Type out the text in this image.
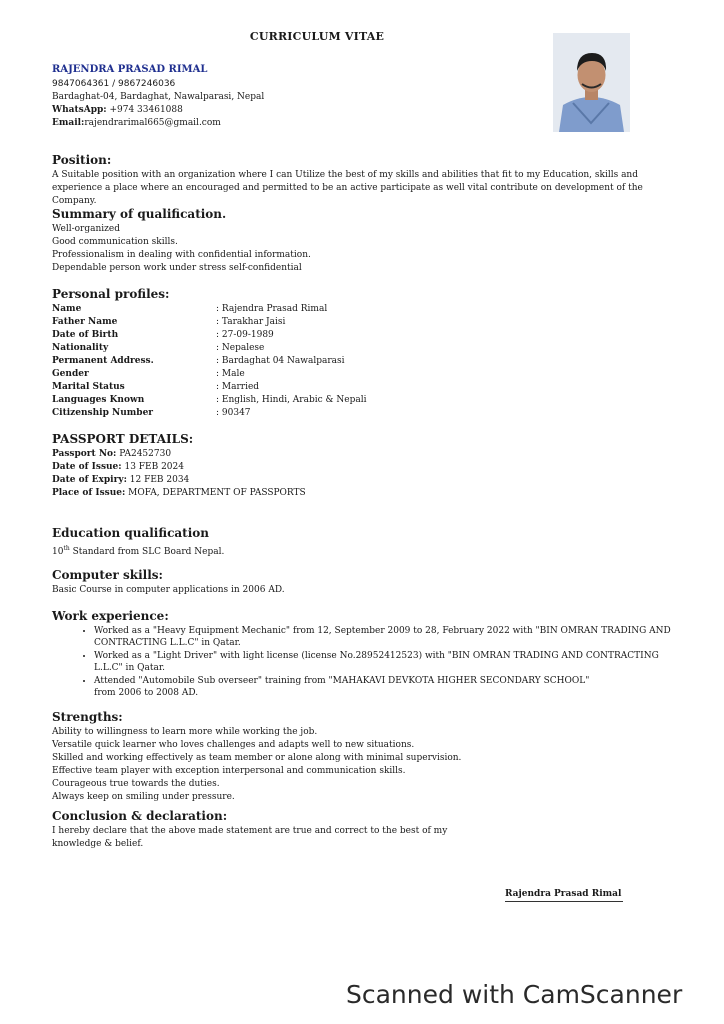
CURRICULUM VITAE
RAJENDRA PRASAD RIMAL
9847064361 / 9867246036
Bardaghat-04, Bardaghat, Nawalparasi, Nepal
WhatsApp: +974 33461088
Email:rajendrarimal665@gmail.com
Position:
A Suitable position with an organization where I can Utilize the best of my skills and abilities that fit to my Education, skills and experience a place where an encouraged and permitted to be an active participate as well vital contribute on development of the Company.
Summary of qualification.
Well-organized
Good communication skills.
Professionalism in dealing with confidential information.
Dependable person work under stress self-confidential
Personal profiles:
Name	: Rajendra Prasad Rimal
Father Name	: Tarakhar Jaisi
Date of Birth	: 27-09-1989
Nationality	: Nepalese
Permanent Address.	: Bardaghat 04 Nawalparasi
Gender	: Male
Marital Status	: Married
Languages Known	: English, Hindi, Arabic & Nepali
Citizenship Number	: 90347
PASSPORT DETAILS:
Passport No: PA2452730
Date of Issue: 13 FEB 2024
Date of Expiry: 12 FEB 2034
Place of Issue: MOFA, DEPARTMENT OF PASSPORTS
Education qualification
10th Standard from SLC Board Nepal.
Computer skills:
Basic Course in computer applications in 2006 AD.
Work experience:
• Worked as a "Heavy Equipment Mechanic" from 12, September 2009 to 28, February 2022 with "BIN OMRAN TRADING AND
CONTRACTING L.L.C" in Qatar.
• Worked as a "Light Driver" with light license (license No.28952412523) with "BIN OMRAN TRADING AND CONTRACTING
L.L.C" in Qatar.
• Attended "Automobile Sub overseer" training from "MAHAKAVI DEVKOTA HIGHER SECONDARY SCHOOL"
from 2006 to 2008 AD.
Strengths:
Ability to willingness to learn more while working the job.
Versatile quick learner who loves challenges and adapts well to new situations.
Skilled and working effectively as team member or alone along with minimal supervision.
Effective team player with exception interpersonal and communication skills.
Courageous true towards the duties.
Always keep on smiling under pressure.
Conclusion & declaration:
I hereby declare that the above made statement are true and correct to the best of my
knowledge & belief.
Rajendra Prasad Rimal
Scanned with CamScanner
